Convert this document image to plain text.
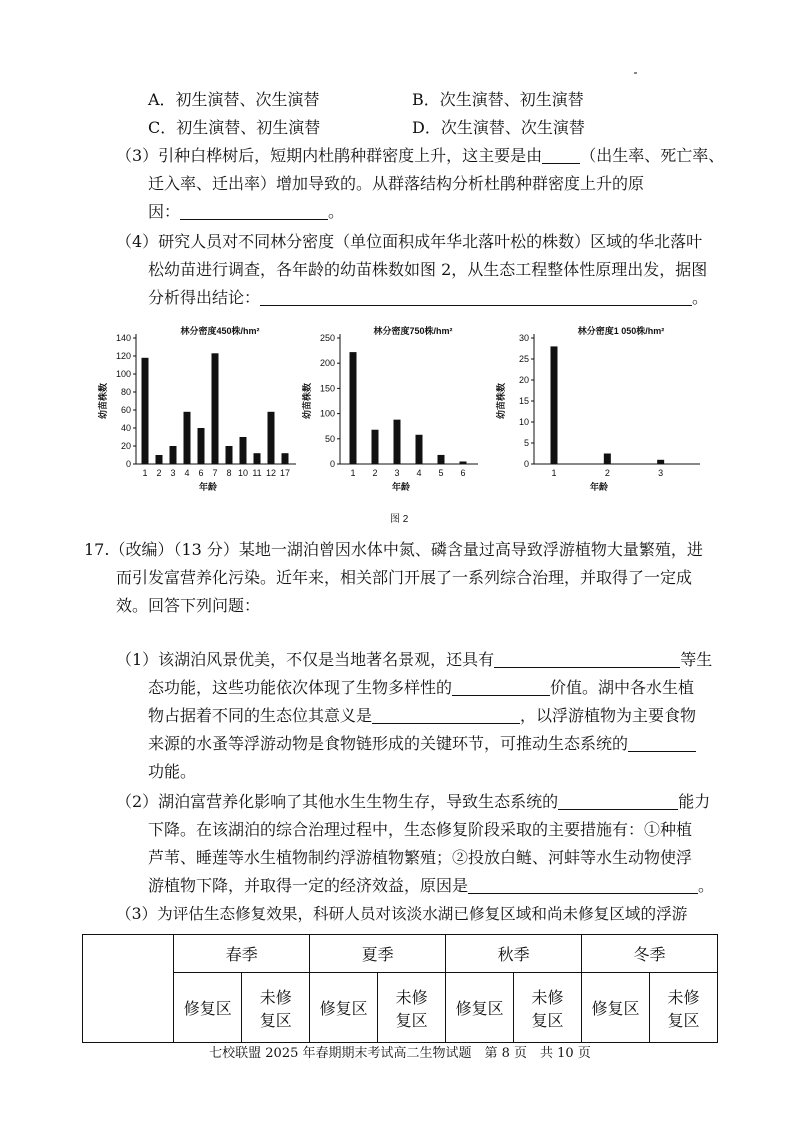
A．初生演替、次生演替	B．次生演替、初生演替
C．初生演替、初生演替	D．次生演替、次生演替
（3）引种白桦树后，短期内杜鹃种群密度上升，这主要是由 （出生率、死亡率、
迁入率、迁出率）增加导致的。从群落结构分析杜鹃种群密度上升的原
因：	。
（4）研究人员对不同林分密度（单位面积成年华北落叶松的株数）区域的华北落叶
松幼苗进行调查，各年龄的幼苗株数如图 2，从生态工程整体性原理出发，据图
分析得出结论：	。
林分密度450株/hm²
0
20
40
60
80
100
120
140
幼苗株数
1 2 3 4 6 7 8 10 11 12 17
年龄
林分密度750株/hm²
0
50
100
150
200
250
幼苗株数
1 2 3 4 5 6
年龄
林分密度1 050株/hm²
0
5
10
15
20
25
30
幼苗株数
1	2	3
年龄
图 2
17.（改编）（13 分）某地一湖泊曾因水体中氮、磷含量过高导致浮游植物大量繁殖，进
而引发富营养化污染。近年来，相关部门开展了一系列综合治理，并取得了一定成
效。回答下列问题：
（1）该湖泊风景优美，不仅是当地著名景观，还具有	等生
态功能，这些功能依次体现了生物多样性的	价值。湖中各水生植
物占据着不同的生态位其意义是	，以浮游植物为主要食物
来源的水蚤等浮游动物是食物链形成的关键环节，可推动生态系统的
功能。
（2）湖泊富营养化影响了其他水生生物生存，导致生态系统的	能力
下降。在该湖泊的综合治理过程中，生态修复阶段采取的主要措施有：①种植
芦苇、睡莲等水生植物制约浮游植物繁殖；②投放白鲢、河蚌等水生动物使浮
游植物下降，并取得一定的经济效益，原因是	。
（3）为评估生态修复效果，科研人员对该淡水湖已修复区域和尚未修复区域的浮游
	春季		夏季		秋季		冬季	
	修复区	未修
复区	修复区	未修
复区	修复区	未修
复区	修复区	未修
复区
七校联盟 2025 年春期期末考试高二生物试题　第 8 页　共 10 页
